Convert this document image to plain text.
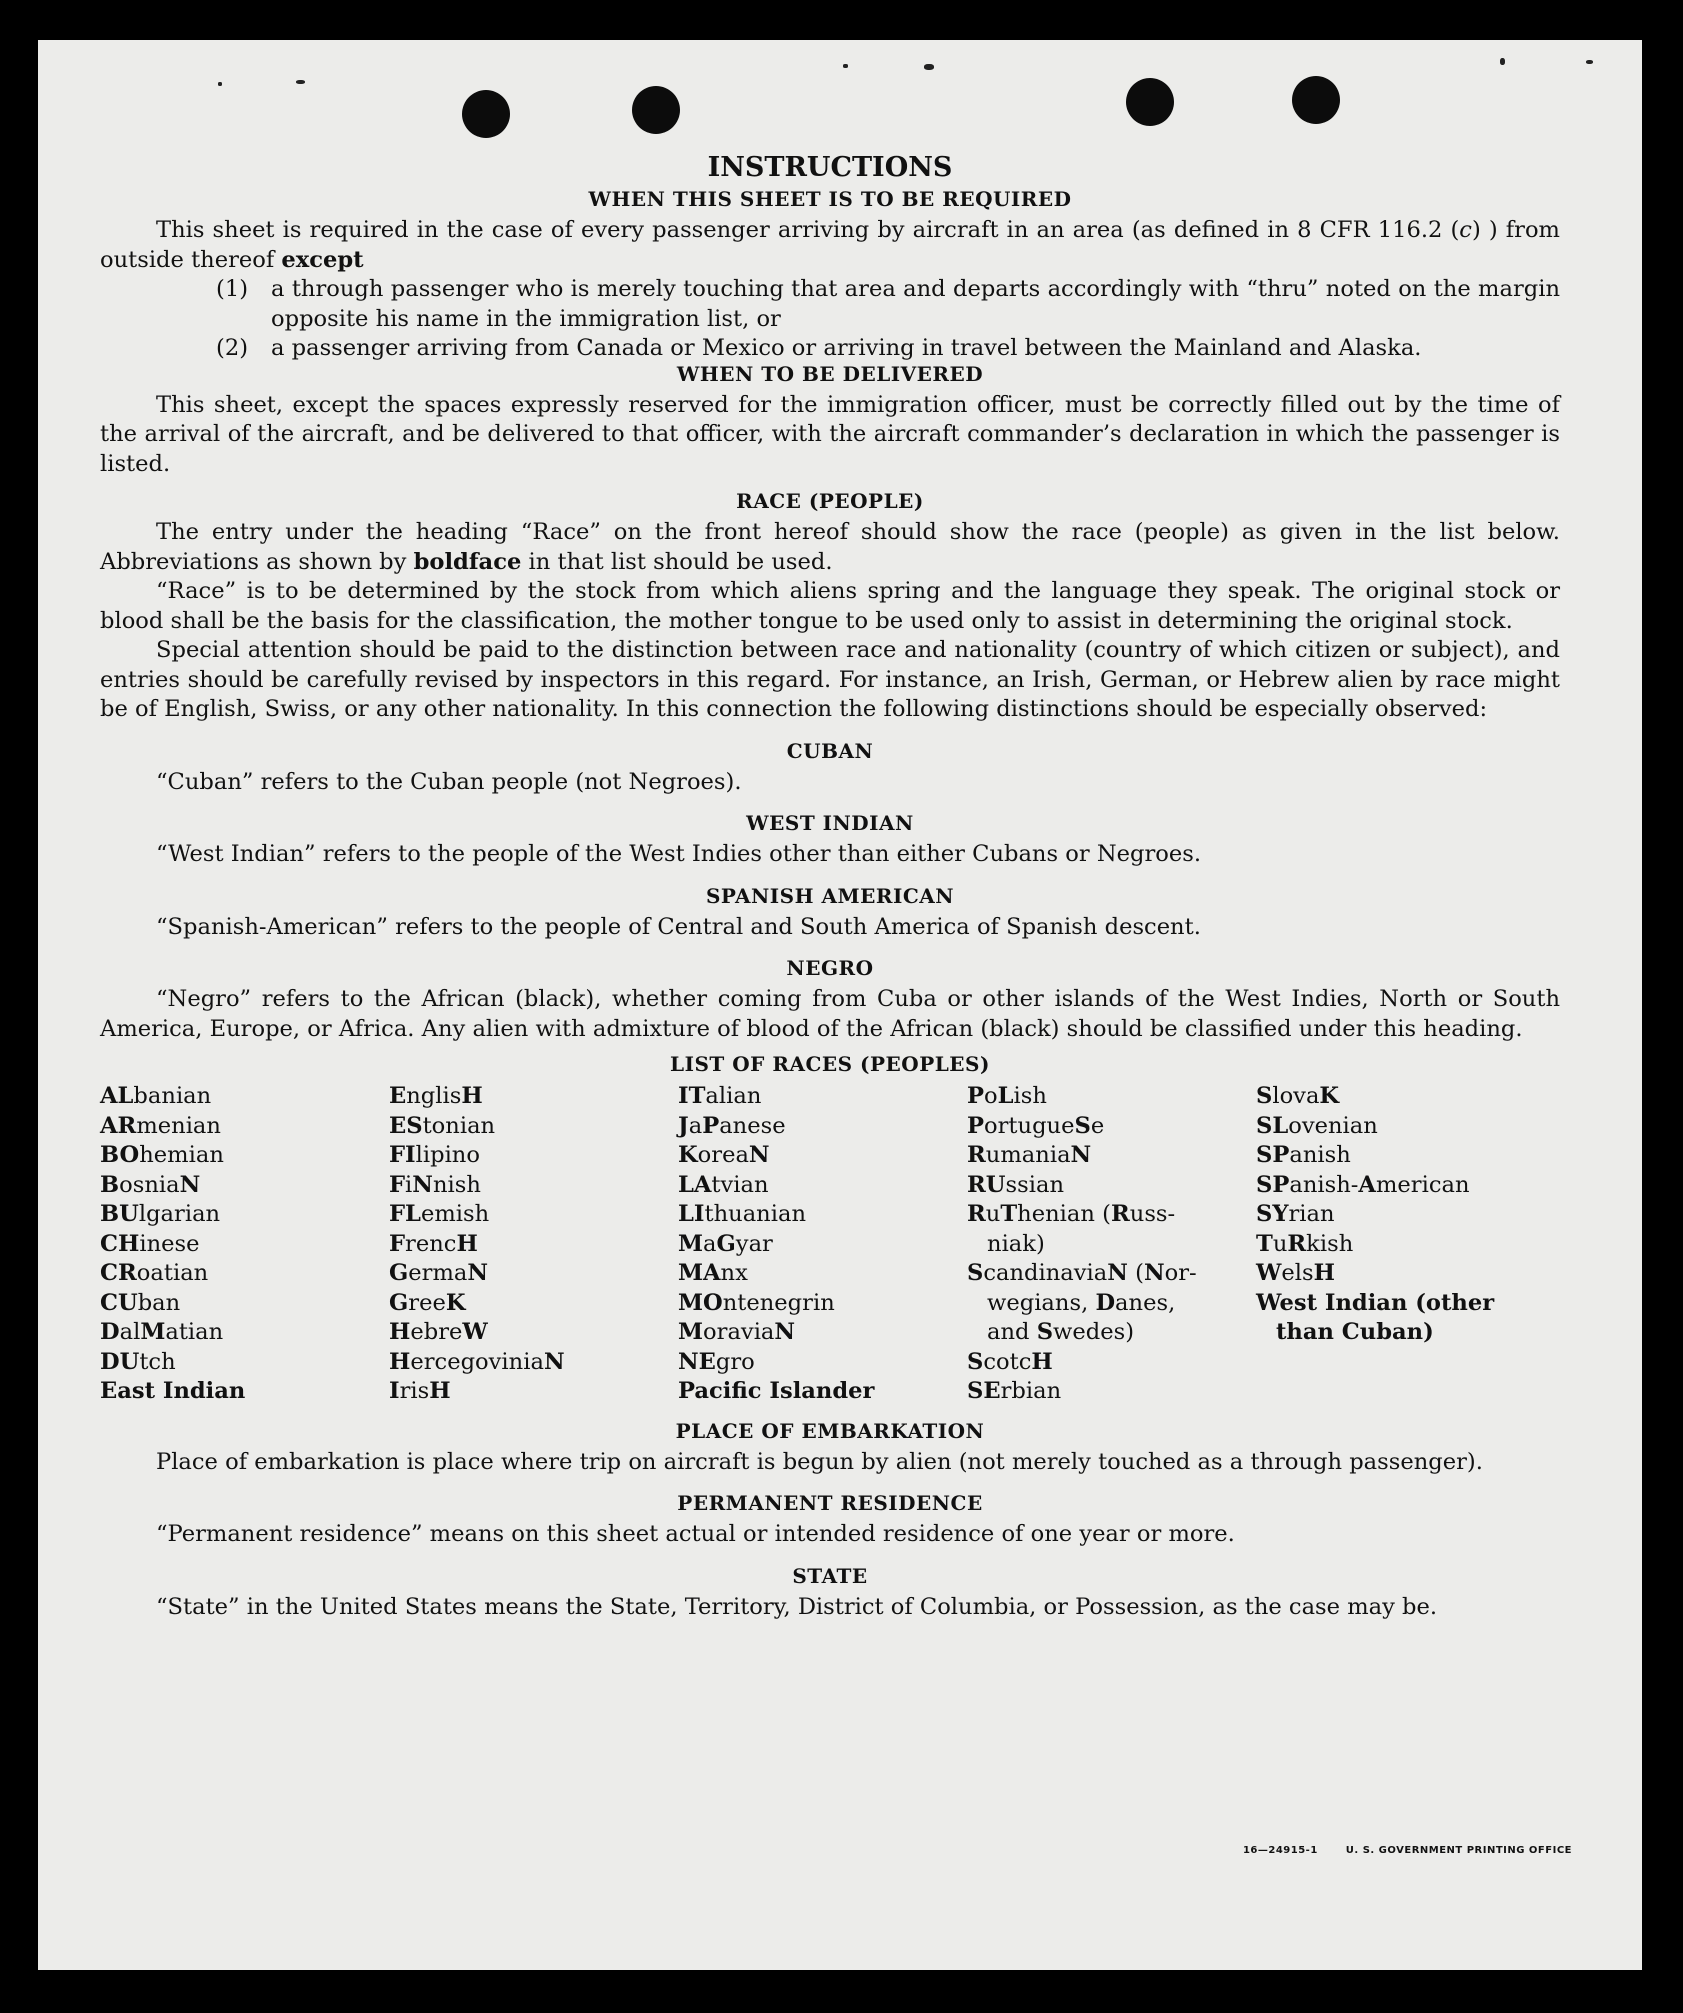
INSTRUCTIONS
WHEN THIS SHEET IS TO BE REQUIRED

This sheet is required in the case of every passenger arriving by aircraft in an area (as defined in 8 CFR 116.2 (c) ) from outside thereof except

(1)	a through passenger who is merely touching that area and departs accordingly with “thru” noted on the margin opposite his name in the immigration list, or
(2)	a passenger arriving from Canada or Mexico or arriving in travel between the Mainland and Alaska.
WHEN TO BE DELIVERED

This sheet, except the spaces expressly reserved for the immigration officer, must be correctly filled out by the time of the arrival of the aircraft, and be delivered to that officer, with the aircraft commander’s declaration in which the passenger is listed.

RACE (PEOPLE)

The entry under the heading “Race” on the front hereof should show the race (people) as given in the list below. Abbreviations as shown by boldface in that list should be used.

“Race” is to be determined by the stock from which aliens spring and the language they speak. The original stock or blood shall be the basis for the classification, the mother tongue to be used only to assist in determining the original stock.

Special attention should be paid to the distinction between race and nationality (country of which citizen or subject), and entries should be carefully revised by inspectors in this regard. For instance, an Irish, German, or Hebrew alien by race might be of English, Swiss, or any other nationality. In this connection the following distinctions should be especially observed:

CUBAN

“Cuban” refers to the Cuban people (not Negroes).

WEST INDIAN

“West Indian” refers to the people of the West Indies other than either Cubans or Negroes.

SPANISH AMERICAN

“Spanish-American” refers to the people of Central and South America of Spanish descent.

NEGRO

“Negro” refers to the African (black), whether coming from Cuba or other islands of the West Indies, North or South America, Europe, or Africa. Any alien with admixture of blood of the African (black) should be classified under this heading.

LIST OF RACES (PEOPLES)
ALbanian
ARmenian
BOhemian
BosniaN
BUlgarian
CHinese
CRoatian
CUban
DalMatian
DUtch
East Indian
EnglisH
EStonian
FIlipino
FiNnish
FLemish
FrencH
GermaN
GreeK
HebreW
HercegoviniaN
IrisH
ITalian
JaPanese
KoreaN
LAtvian
LIthuanian
MaGyar
MAnx
MOntenegrin
MoraviaN
NEgro
Pacific Islander
PoLish
PortugueSe
RumaniaN
RUssian
RuThenian (Russ-
niak)
ScandinaviaN (Nor-
wegians, Danes,
and Swedes)
ScotcH
SErbian
SlovaK
SLovenian
SPanish
SPanish-American
SYrian
TuRkish
WelsH
West Indian (other
than Cuban)
PLACE OF EMBARKATION

Place of embarkation is place where trip on aircraft is begun by alien (not merely touched as a through passenger).

PERMANENT RESIDENCE

“Permanent residence” means on this sheet actual or intended residence of one year or more.

STATE

“State” in the United States means the State, Territory, District of Columbia, or Possession, as the case may be.

16—24915-1	U. S. GOVERNMENT PRINTING OFFICE
